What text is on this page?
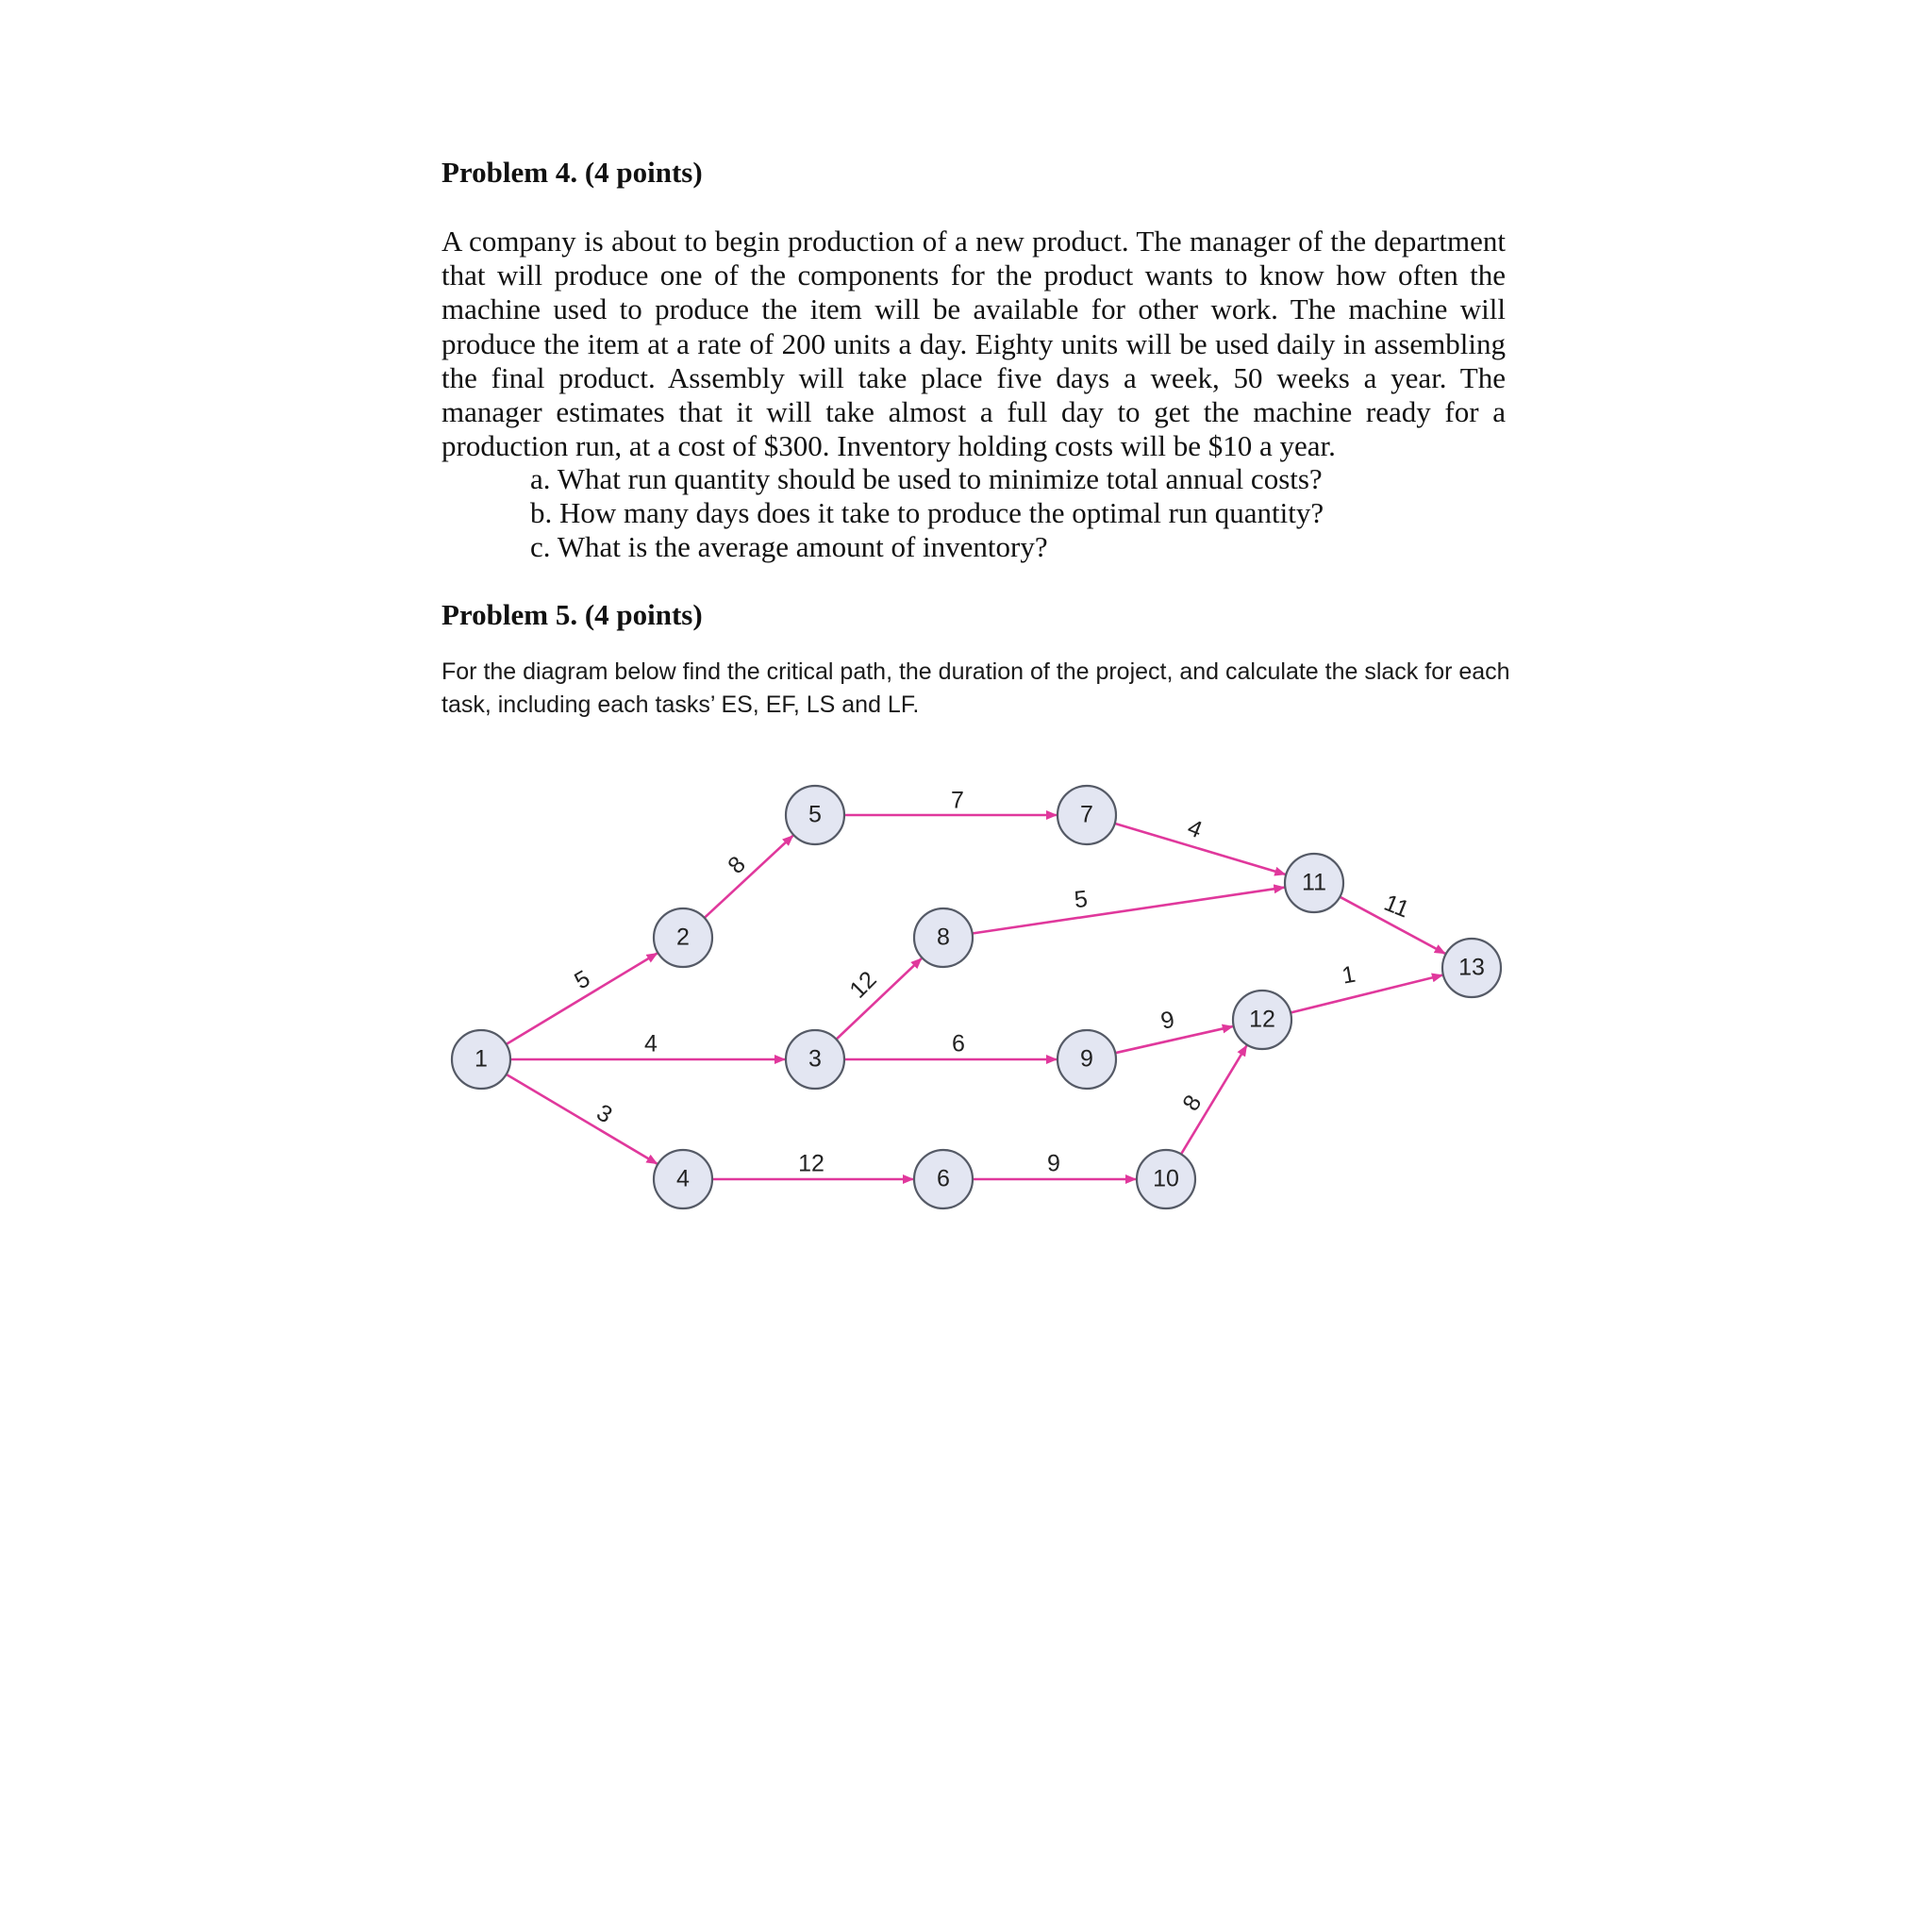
Problem 4. (4 points)

A company is about to begin production of a new product. The manager of the department that will produce one of the components for the product wants to know how often the machine used to produce the item will be available for other work. The machine will produce the item at a rate of 200 units a day. Eighty units will be used daily in assembling the final product. Assembly will take place five days a week, 50 weeks a year. The manager estimates that it will take almost a full day to get the machine ready for a production run, at a cost of $300. Inventory holding costs will be $10 a year.

a. What run quantity should be used to minimize total annual costs?
b. How many days does it take to produce the optimal run quantity?
c. What is the average amount of inventory?
Problem 5. (4 points)

For the diagram below find the critical path, the duration of the project, and calculate the slack for each task, including each tasks’ ES, EF, LS and LF.

5
4
3
8
12
6
12
7
9
4
5
9
8
11
1
1
2
3
4
5
6
7
8
9
10
11
12
13
